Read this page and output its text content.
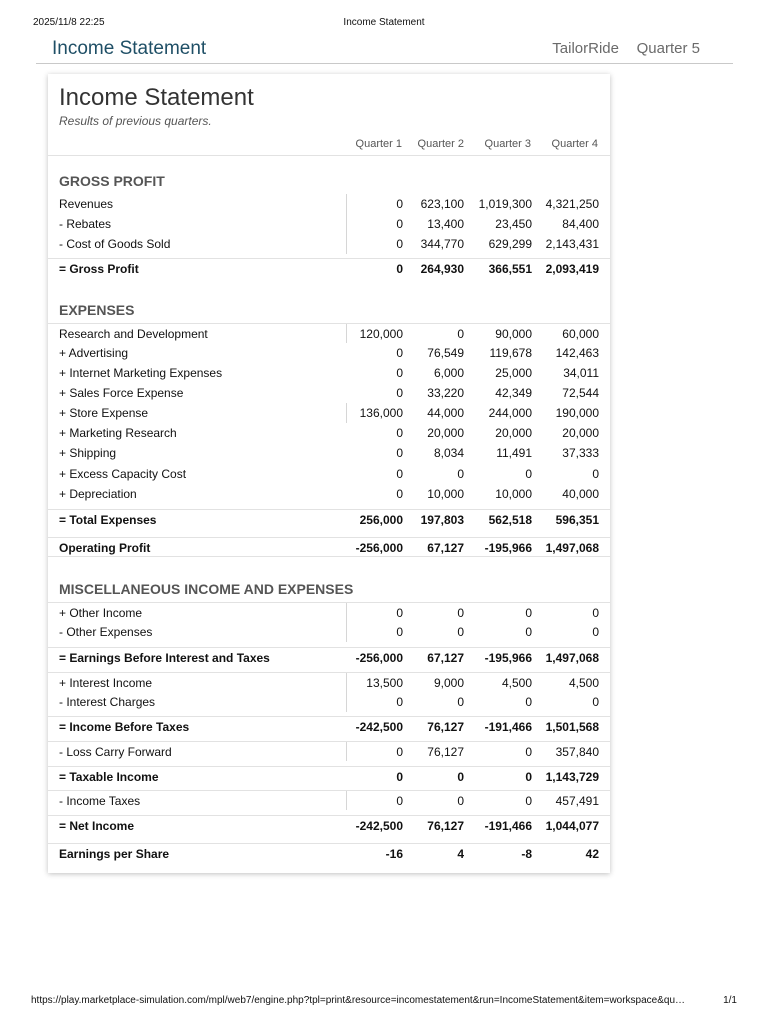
2025/11/8 22:25	Income Statement
Income Statement	TailorRide Quarter 5
Income Statement
Results of previous quarters.
Quarter 1	Quarter 2	Quarter 3	Quarter 4
GROSS PROFIT
EXPENSES
MISCELLANEOUS INCOME AND EXPENSES
Revenues	0	623,100	1,019,300	4,321,250
- Rebates	0	13,400	23,450	84,400
- Cost of Goods Sold	0	344,770	629,299	2,143,431
= Gross Profit	0	264,930	366,551	2,093,419
Research and Development	120,000	0	90,000	60,000
+ Advertising	0	76,549	119,678	142,463
+ Internet Marketing Expenses	0	6,000	25,000	34,011
+ Sales Force Expense	0	33,220	42,349	72,544
+ Store Expense	136,000	44,000	244,000	190,000
+ Marketing Research	0	20,000	20,000	20,000
+ Shipping	0	8,034	11,491	37,333
+ Excess Capacity Cost	0	0	0	0
+ Depreciation	0	10,000	10,000	40,000
= Total Expenses	256,000	197,803	562,518	596,351
Operating Profit	-256,000	67,127	-195,966	1,497,068
+ Other Income	0	0	0	0
- Other Expenses	0	0	0	0
= Earnings Before Interest and Taxes	-256,000	67,127	-195,966	1,497,068
+ Interest Income	13,500	9,000	4,500	4,500
- Interest Charges	0	0	0	0
= Income Before Taxes	-242,500	76,127	-191,466	1,501,568
- Loss Carry Forward	0	76,127	0	357,840
= Taxable Income	0	0	0	1,143,729
- Income Taxes	0	0	0	457,491
= Net Income	-242,500	76,127	-191,466	1,044,077
Earnings per Share	-16	4	-8	42
https://play.marketplace-simulation.com/mpl/web7/engine.php?tpl=print&resource=incomestatement&run=IncomeStatement&item=workspace&qu…	1/1
